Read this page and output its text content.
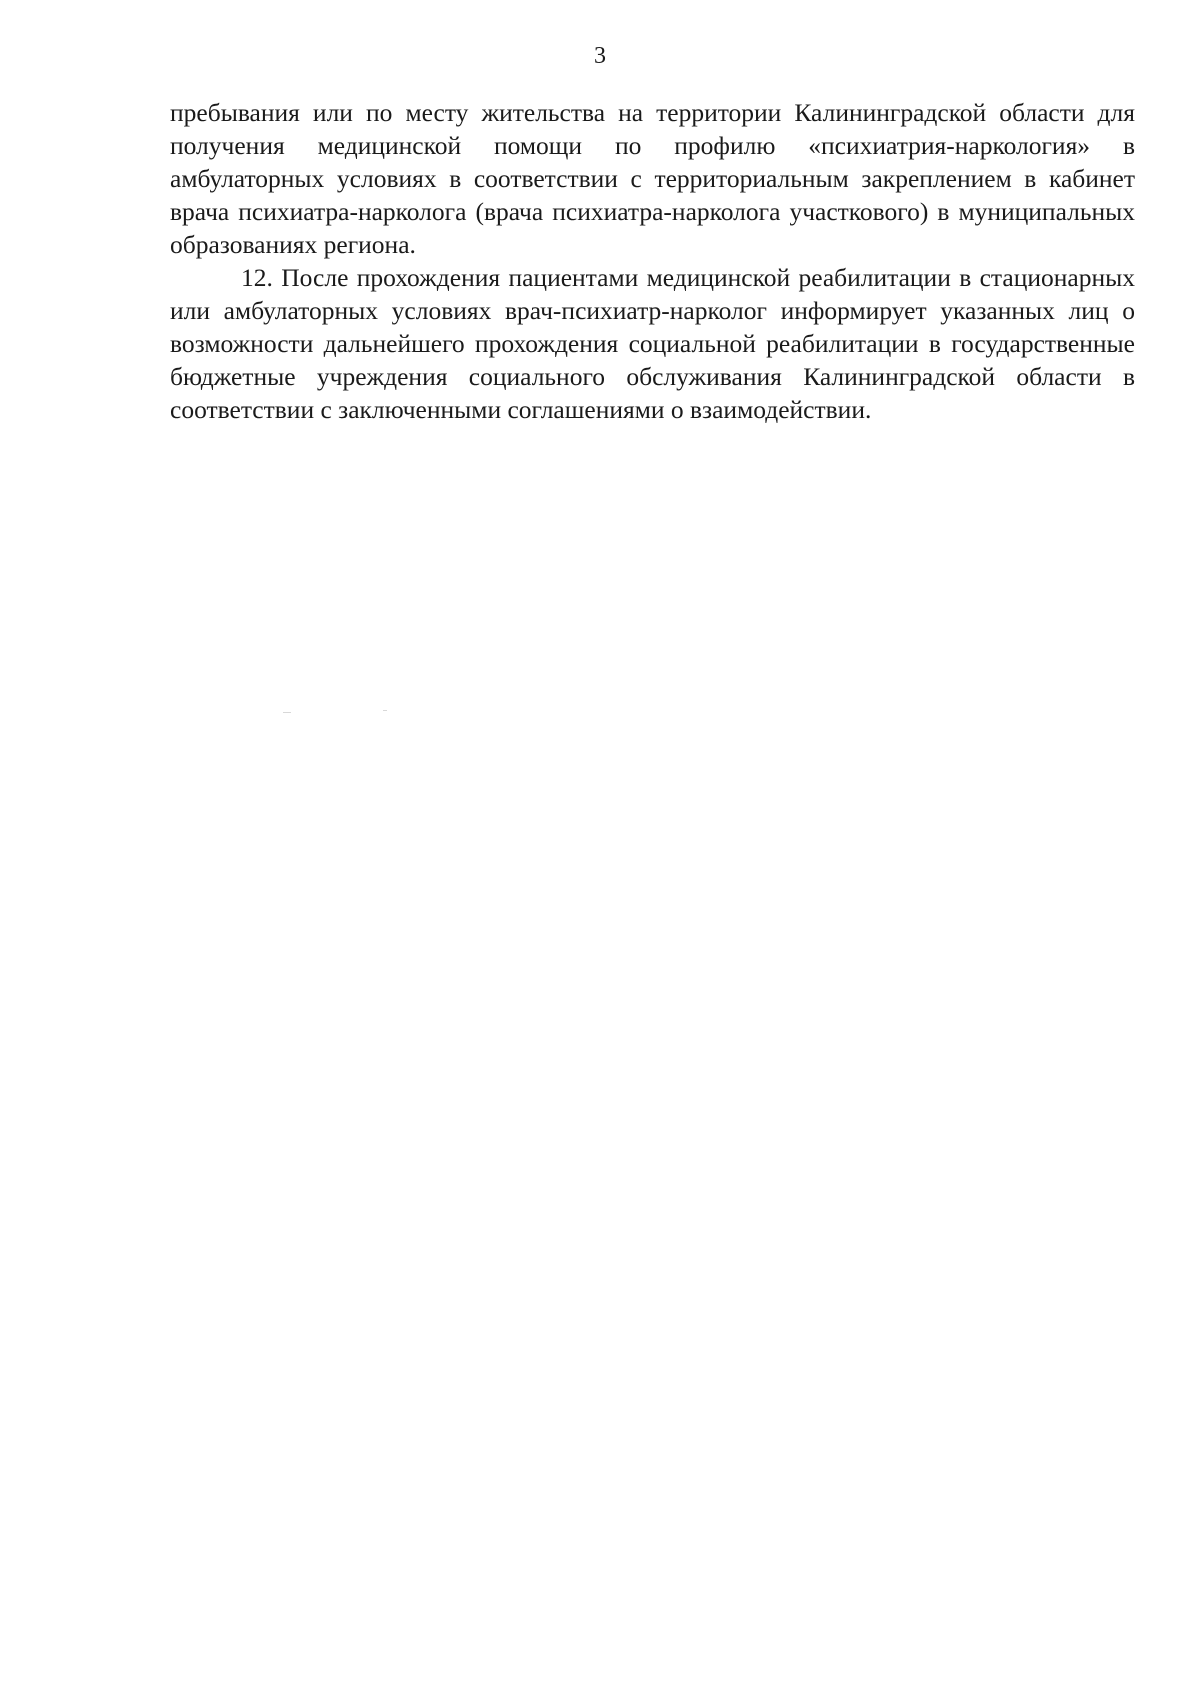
3

пребывания или по месту жительства на территории Калининградской области для получения медицинской помощи по профилю «психиатрия-наркология» в амбулаторных условиях в соответствии с территориальным закреплением в кабинет врача психиатра-нарколога (врача психиатра-нарколога участкового) в муниципальных образованиях региона.

12. После прохождения пациентами медицинской реабилитации в стационарных или амбулаторных условиях врач-психиатр-нарколог информирует указанных лиц о возможности дальнейшего прохождения социальной реабилитации в государственные бюджетные учреждения социального обслуживания Калининградской области в соответствии с заключенными соглашениями о взаимодействии.
